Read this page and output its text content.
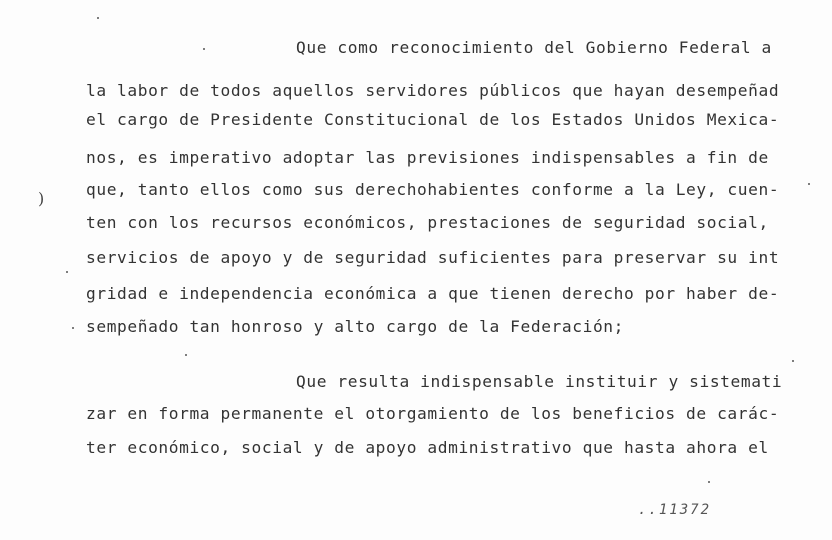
)
Que como reconocimiento del Gobierno Federal a
la labor de todos aquellos servidores públicos que hayan desempeñad
el cargo de Presidente Constitucional de los Estados Unidos Mexica-
nos, es imperativo adoptar las previsiones indispensables a fin de
que, tanto ellos como sus derechohabientes conforme a la Ley, cuen-
ten con los recursos económicos, prestaciones de seguridad social,
servicios de apoyo y de seguridad suficientes para preservar su int
gridad e independencia económica a que tienen derecho por haber de-
sempeñado tan honroso y alto cargo de la Federación;
Que resulta indispensable instituir y sistemati
zar en forma permanente el otorgamiento de los beneficios de carác-
ter económico, social y de apoyo administrativo que hasta ahora el
..11372
